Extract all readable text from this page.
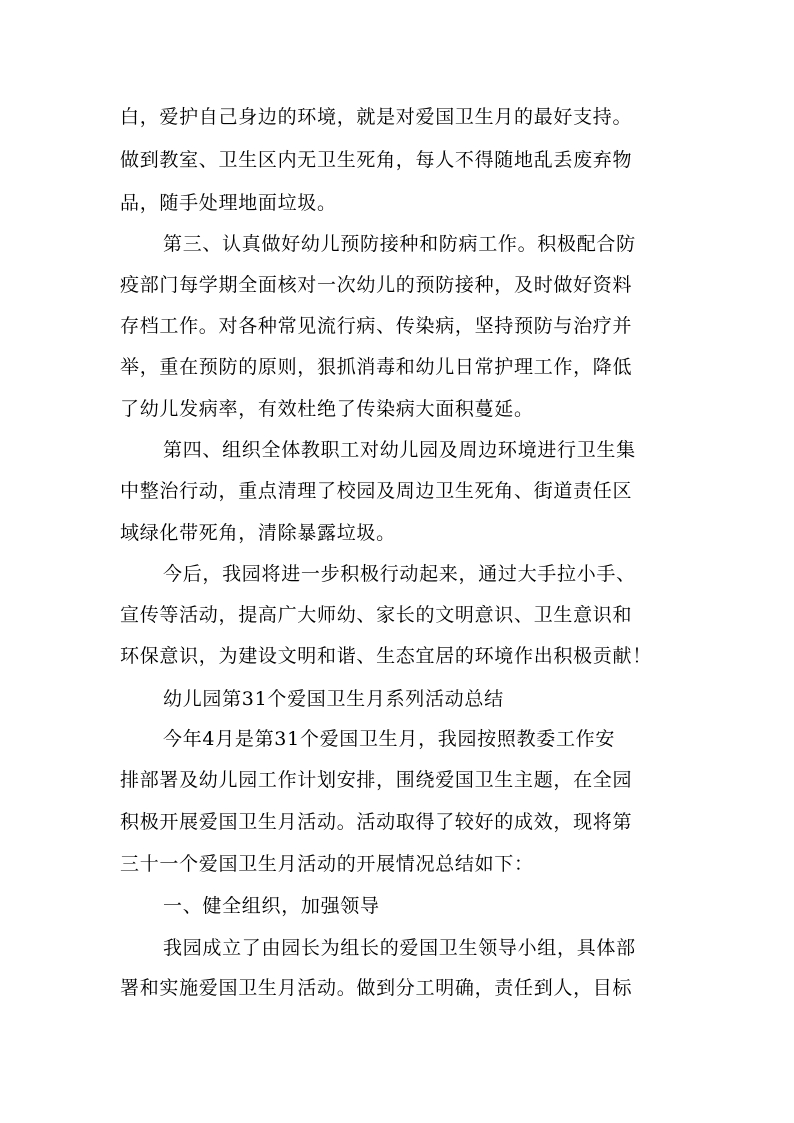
白，爱护自己身边的环境，就是对爱国卫生月的最好支持。
做到教室、卫生区内无卫生死角，每人不得随地乱丢废弃物
品，随手处理地面垃圾。
第三、认真做好幼儿预防接种和防病工作。积极配合防
疫部门每学期全面核对一次幼儿的预防接种，及时做好资料
存档工作。对各种常见流行病、传染病，坚持预防与治疗并
举，重在预防的原则，狠抓消毒和幼儿日常护理工作，降低
了幼儿发病率，有效杜绝了传染病大面积蔓延。
第四、组织全体教职工对幼儿园及周边环境进行卫生集
中整治行动，重点清理了校园及周边卫生死角、街道责任区
域绿化带死角，清除暴露垃圾。
今后，我园将进一步积极行动起来，通过大手拉小手、
宣传等活动，提高广大师幼、家长的文明意识、卫生意识和
环保意识，为建设文明和谐、生态宜居的环境作出积极贡献！
幼儿园第31个爱国卫生月系列活动总结
今年4月是第31个爱国卫生月，我园按照教委工作安
排部署及幼儿园工作计划安排，围绕爱国卫生主题，在全园
积极开展爱国卫生月活动。活动取得了较好的成效，现将第
三十一个爱国卫生月活动的开展情况总结如下：
一、健全组织，加强领导
我园成立了由园长为组长的爱国卫生领导小组，具体部
署和实施爱国卫生月活动。做到分工明确，责任到人，目标
